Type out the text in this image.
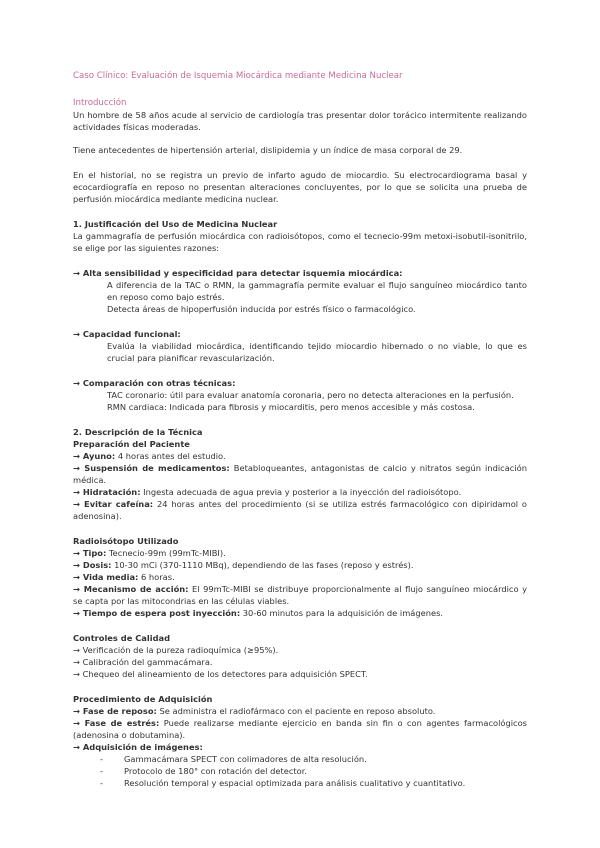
Caso Clínico: Evaluación de Isquemia Miocárdica mediante Medicina Nuclear

Introducción

Un hombre de 58 años acude al servicio de cardiología tras presentar dolor torácico intermitente realizando actividades físicas moderadas.

Tiene antecedentes de hipertensión arterial, dislipidemia y un índice de masa corporal de 29.

En el historial, no se registra un previo de infarto agudo de miocardio. Su electrocardiograma basal y ecocardiografía en reposo no presentan alteraciones concluyentes, por lo que se solicita una prueba de perfusión miocárdica mediante medicina nuclear.

1. Justificación del Uso de Medicina Nuclear

La gammagrafía de perfusión miocárdica con radioisótopos, como el tecnecio-99m metoxi-isobutil-isonitrilo, se elige por las siguientes razones:

→ Alta sensibilidad y especificidad para detectar isquemia miocárdica:

A diferencia de la TAC o RMN, la gammagrafía permite evaluar el flujo sanguíneo miocárdico tanto en reposo como bajo estrés.

Detecta áreas de hipoperfusión inducida por estrés físico o farmacológico.

→ Capacidad funcional:

Evalúa la viabilidad miocárdica, identificando tejido miocardio hibernado o no viable, lo que es crucial para planificar revascularización.

→ Comparación con otras técnicas:

TAC coronario: útil para evaluar anatomía coronaria, pero no detecta alteraciones en la perfusión.

RMN cardiaca: Indicada para fibrosis y miocarditis, pero menos accesible y más costosa.

2. Descripción de la Técnica

Preparación del Paciente

→ Ayuno: 4 horas antes del estudio.

→ Suspensión de medicamentos: Betabloqueantes, antagonistas de calcio y nitratos según indicación médica.

→ Hidratación: Ingesta adecuada de agua previa y posterior a la inyección del radioisótopo.

→ Evitar cafeína: 24 horas antes del procedimiento (si se utiliza estrés farmacológico con dipiridamol o adenosina).

Radioisótopo Utilizado

→ Tipo: Tecnecio-99m (99mTc-MIBI).

→ Dosis: 10-30 mCi (370-1110 MBq), dependiendo de las fases (reposo y estrés).

→ Vida media: 6 horas.

→ Mecanismo de acción: El 99mTc-MIBI se distribuye proporcionalmente al flujo sanguíneo miocárdico y se capta por las mitocondrias en las células viables.

→ Tiempo de espera post inyección: 30-60 minutos para la adquisición de imágenes.

Controles de Calidad

→ Verificación de la pureza radioquímica (≥95%).

→ Calibración del gammacámara.

→ Chequeo del alineamiento de los detectores para adquisición SPECT.

Procedimiento de Adquisición

→ Fase de reposo: Se administra el radiofármaco con el paciente en reposo absoluto.

→ Fase de estrés: Puede realizarse mediante ejercicio en banda sin fin o con agentes farmacológicos (adenosina o dobutamina).

→ Adquisición de imágenes:

-	Gammacámara SPECT con colimadores de alta resolución.
-	Protocolo de 180° con rotación del detector.
-	Resolución temporal y espacial optimizada para análisis cualitativo y cuantitativo.
